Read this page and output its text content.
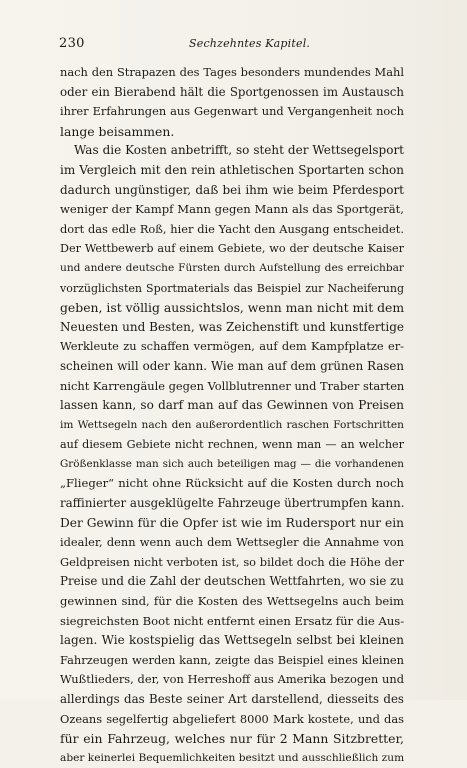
230	Sechzehntes Kapitel.
nach den Strapazen des Tages besonders mundendes Mahl
oder ein Bierabend hält die Sportgenossen im Austausch
ihrer Erfahrungen aus Gegenwart und Vergangenheit noch
lange beisammen.
Was die Kosten anbetrifft, so steht der Wettsegelsport
im Vergleich mit den rein athletischen Sportarten schon
dadurch ungünstiger, daß bei ihm wie beim Pferdesport
weniger der Kampf Mann gegen Mann als das Sportgerät,
dort das edle Roß, hier die Yacht den Ausgang entscheidet.
Der Wettbewerb auf einem Gebiete, wo der deutsche Kaiser
und andere deutsche Fürsten durch Aufstellung des erreichbar
vorzüglichsten Sportmaterials das Beispiel zur Nacheiferung
geben, ist völlig aussichtslos, wenn man nicht mit dem
Neuesten und Besten, was Zeichenstift und kunstfertige
Werkleute zu schaffen vermögen, auf dem Kampfplatze er-
scheinen will oder kann. Wie man auf dem grünen Rasen
nicht Karrengäule gegen Vollblutrenner und Traber starten
lassen kann, so darf man auf das Gewinnen von Preisen
im Wettsegeln nach den außerordentlich raschen Fortschritten
auf diesem Gebiete nicht rechnen, wenn man — an welcher
Größenklasse man sich auch beteiligen mag — die vorhandenen
„Flieger“ nicht ohne Rücksicht auf die Kosten durch noch
raffinierter ausgeklügelte Fahrzeuge übertrumpfen kann.
Der Gewinn für die Opfer ist wie im Rudersport nur ein
idealer, denn wenn auch dem Wettsegler die Annahme von
Geldpreisen nicht verboten ist, so bildet doch die Höhe der
Preise und die Zahl der deutschen Wettfahrten, wo sie zu
gewinnen sind, für die Kosten des Wettsegelns auch beim
siegreichsten Boot nicht entfernt einen Ersatz für die Aus-
lagen. Wie kostspielig das Wettsegeln selbst bei kleinen
Fahrzeugen werden kann, zeigte das Beispiel eines kleinen
Wußtlieders, der, von Herreshoff aus Amerika bezogen und
allerdings das Beste seiner Art darstellend, diesseits des
Ozeans segelfertig abgeliefert 8000 Mark kostete, und das
für ein Fahrzeug, welches nur für 2 Mann Sitzbretter,
aber keinerlei Bequemlichkeiten besitzt und ausschließlich zum
